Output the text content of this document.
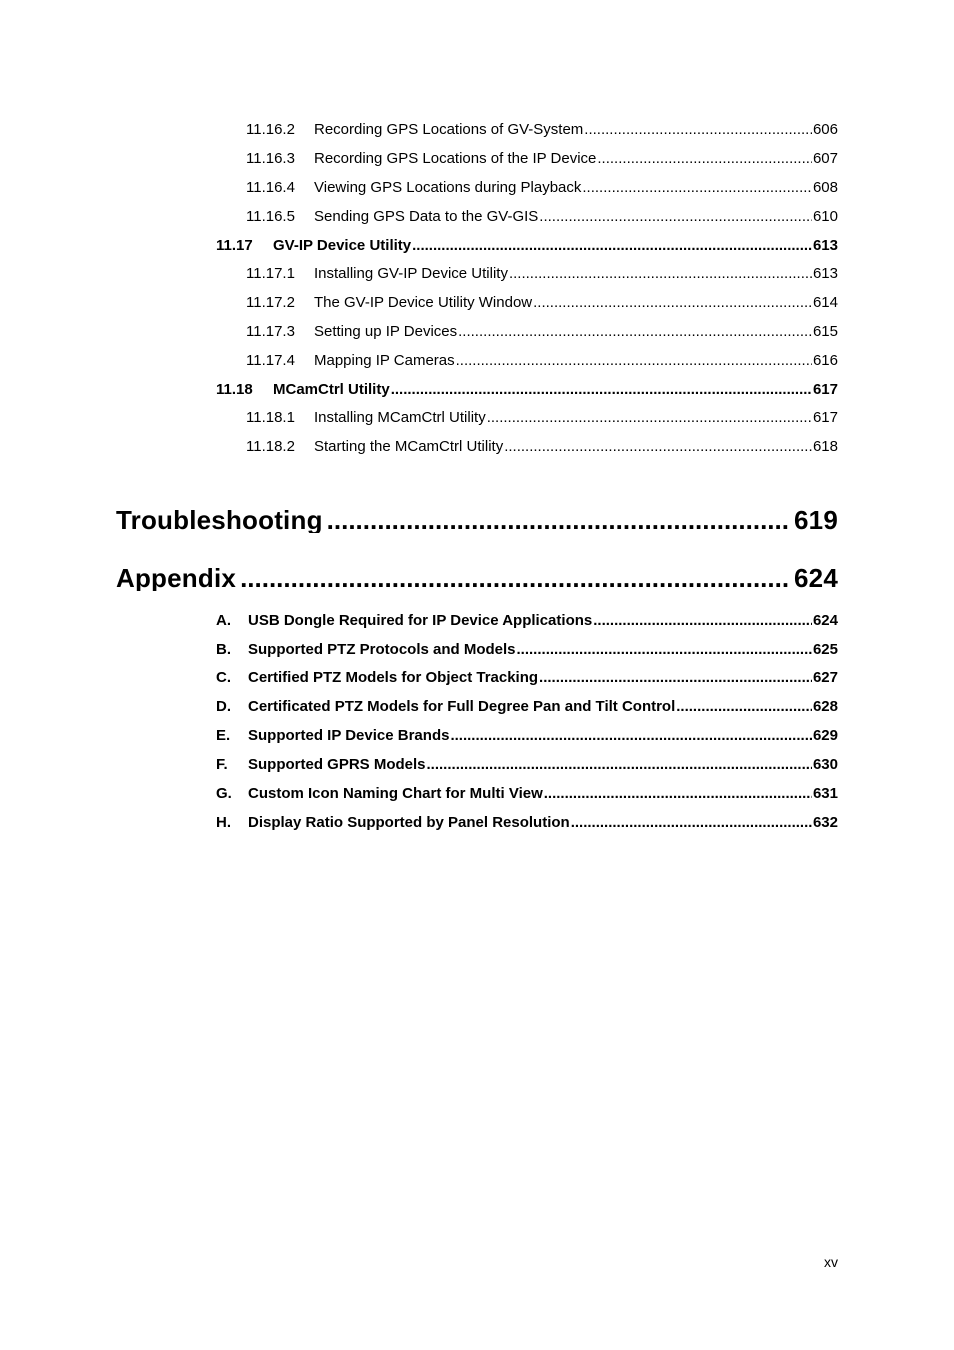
11.16.2 Recording GPS Locations of GV-System .....	606
11.16.3 Recording GPS Locations of the IP Device .....	607
11.16.4 Viewing GPS Locations during Playback .....	608
11.16.5 Sending GPS Data to the GV-GIS .....	610
11.17 GV-IP Device Utility .....	613
11.17.1 Installing GV-IP Device Utility .....	613
11.17.2 The GV-IP Device Utility Window .....	614
11.17.3 Setting up IP Devices .....	615
11.17.4 Mapping IP Cameras .....	616
11.18 MCamCtrl Utility .....	617
11.18.1 Installing MCamCtrl Utility .....	617
11.18.2 Starting the MCamCtrl Utility .....	618
Troubleshooting .....	619
Appendix .....	624
A. USB Dongle Required for IP Device Applications .....	624
B. Supported PTZ Protocols and Models .....	625
C. Certified PTZ Models for Object Tracking .....	627
D. Certificated PTZ Models for Full Degree Pan and Tilt Control .....	628
E. Supported IP Device Brands .....	629
F. Supported GPRS Models .....	630
G. Custom Icon Naming Chart for Multi View .....	631
H. Display Ratio Supported by Panel Resolution .....	632
xv
